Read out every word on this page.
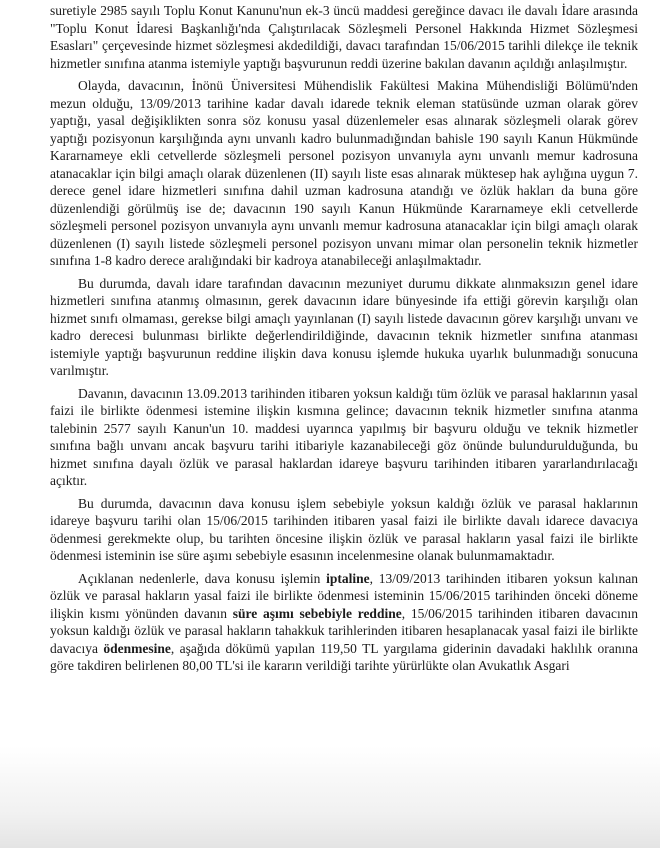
suretiyle 2985 sayılı Toplu Konut Kanunu'nun ek-3 üncü maddesi gereğince davacı ile davalı İdare arasında "Toplu Konut İdaresi Başkanlığı'nda Çalıştırılacak Sözleşmeli Personel Hakkında Hizmet Sözleşmesi Esasları" çerçevesinde hizmet sözleşmesi akdedildiği, davacı tarafından 15/06/2015 tarihli dilekçe ile teknik hizmetler sınıfına atanma istemiyle yaptığı başvurunun reddi üzerine bakılan davanın açıldığı anlaşılmıştır.

Olayda, davacının, İnönü Üniversitesi Mühendislik Fakültesi Makina Mühendisliği Bölümü'nden mezun olduğu, 13/09/2013 tarihine kadar davalı idarede teknik eleman statüsünde uzman olarak görev yaptığı, yasal değişiklikten sonra söz konusu yasal düzenlemeler esas alınarak sözleşmeli olarak görev yaptığı pozisyonun karşılığında aynı unvanlı kadro bulunmadığından bahisle 190 sayılı Kanun Hükmünde Kararnameye ekli cetvellerde sözleşmeli personel pozisyon unvanıyla aynı unvanlı memur kadrosuna atanacaklar için bilgi amaçlı olarak düzenlenen (II) sayılı liste esas alınarak müktesep hak aylığına uygun 7. derece genel idare hizmetleri sınıfına dahil uzman kadrosuna atandığı ve özlük hakları da buna göre düzenlendiği görülmüş ise de; davacının 190 sayılı Kanun Hükmünde Kararnameye ekli cetvellerde sözleşmeli personel pozisyon unvanıyla aynı unvanlı memur kadrosuna atanacaklar için bilgi amaçlı olarak düzenlenen (I) sayılı listede sözleşmeli personel pozisyon unvanı mimar olan personelin teknik hizmetler sınıfına 1-8 kadro derece aralığındaki bir kadroya atanabileceği anlaşılmaktadır.

Bu durumda, davalı idare tarafından davacının mezuniyet durumu dikkate alınmaksızın genel idare hizmetleri sınıfına atanmış olmasının, gerek davacının idare bünyesinde ifa ettiği görevin karşılığı olan hizmet sınıfı olmaması, gerekse bilgi amaçlı yayınlanan (I) sayılı listede davacının görev karşılığı unvanı ve kadro derecesi bulunması birlikte değerlendirildiğinde, davacının teknik hizmetler sınıfına atanması istemiyle yaptığı başvurunun reddine ilişkin dava konusu işlemde hukuka uyarlık bulunmadığı sonucuna varılmıştır.

Davanın, davacının 13.09.2013 tarihinden itibaren yoksun kaldığı tüm özlük ve parasal haklarının yasal faizi ile birlikte ödenmesi istemine ilişkin kısmına gelince; davacının teknik hizmetler sınıfına atanma talebinin 2577 sayılı Kanun'un 10. maddesi uyarınca yapılmış bir başvuru olduğu ve teknik hizmetler sınıfına bağlı unvanı ancak başvuru tarihi itibariyle kazanabileceği göz önünde bulundurulduğunda, bu hizmet sınıfına dayalı özlük ve parasal haklardan idareye başvuru tarihinden itibaren yararlandırılacağı açıktır.

Bu durumda, davacının dava konusu işlem sebebiyle yoksun kaldığı özlük ve parasal haklarının idareye başvuru tarihi olan 15/06/2015 tarihinden itibaren yasal faizi ile birlikte davalı idarece davacıya ödenmesi gerekmekte olup, bu tarihten öncesine ilişkin özlük ve parasal hakların yasal faizi ile birlikte ödenmesi isteminin ise süre aşımı sebebiyle esasının incelenmesine olanak bulunmamaktadır.

Açıklanan nedenlerle, dava konusu işlemin iptaline, 13/09/2013 tarihinden itibaren yoksun kalınan özlük ve parasal hakların yasal faizi ile birlikte ödenmesi isteminin 15/06/2015 tarihinden önceki döneme ilişkin kısmı yönünden davanın süre aşımı sebebiyle reddine, 15/06/2015 tarihinden itibaren davacının yoksun kaldığı özlük ve parasal hakların tahakkuk tarihlerinden itibaren hesaplanacak yasal faizi ile birlikte davacıya ödenmesine, aşağıda dökümü yapılan 119,50 TL yargılama giderinin davadaki haklılık oranına göre takdiren belirlenen 80,00 TL'si ile kararın verildiği tarihte yürürlükte olan Avukatlık Asgari
